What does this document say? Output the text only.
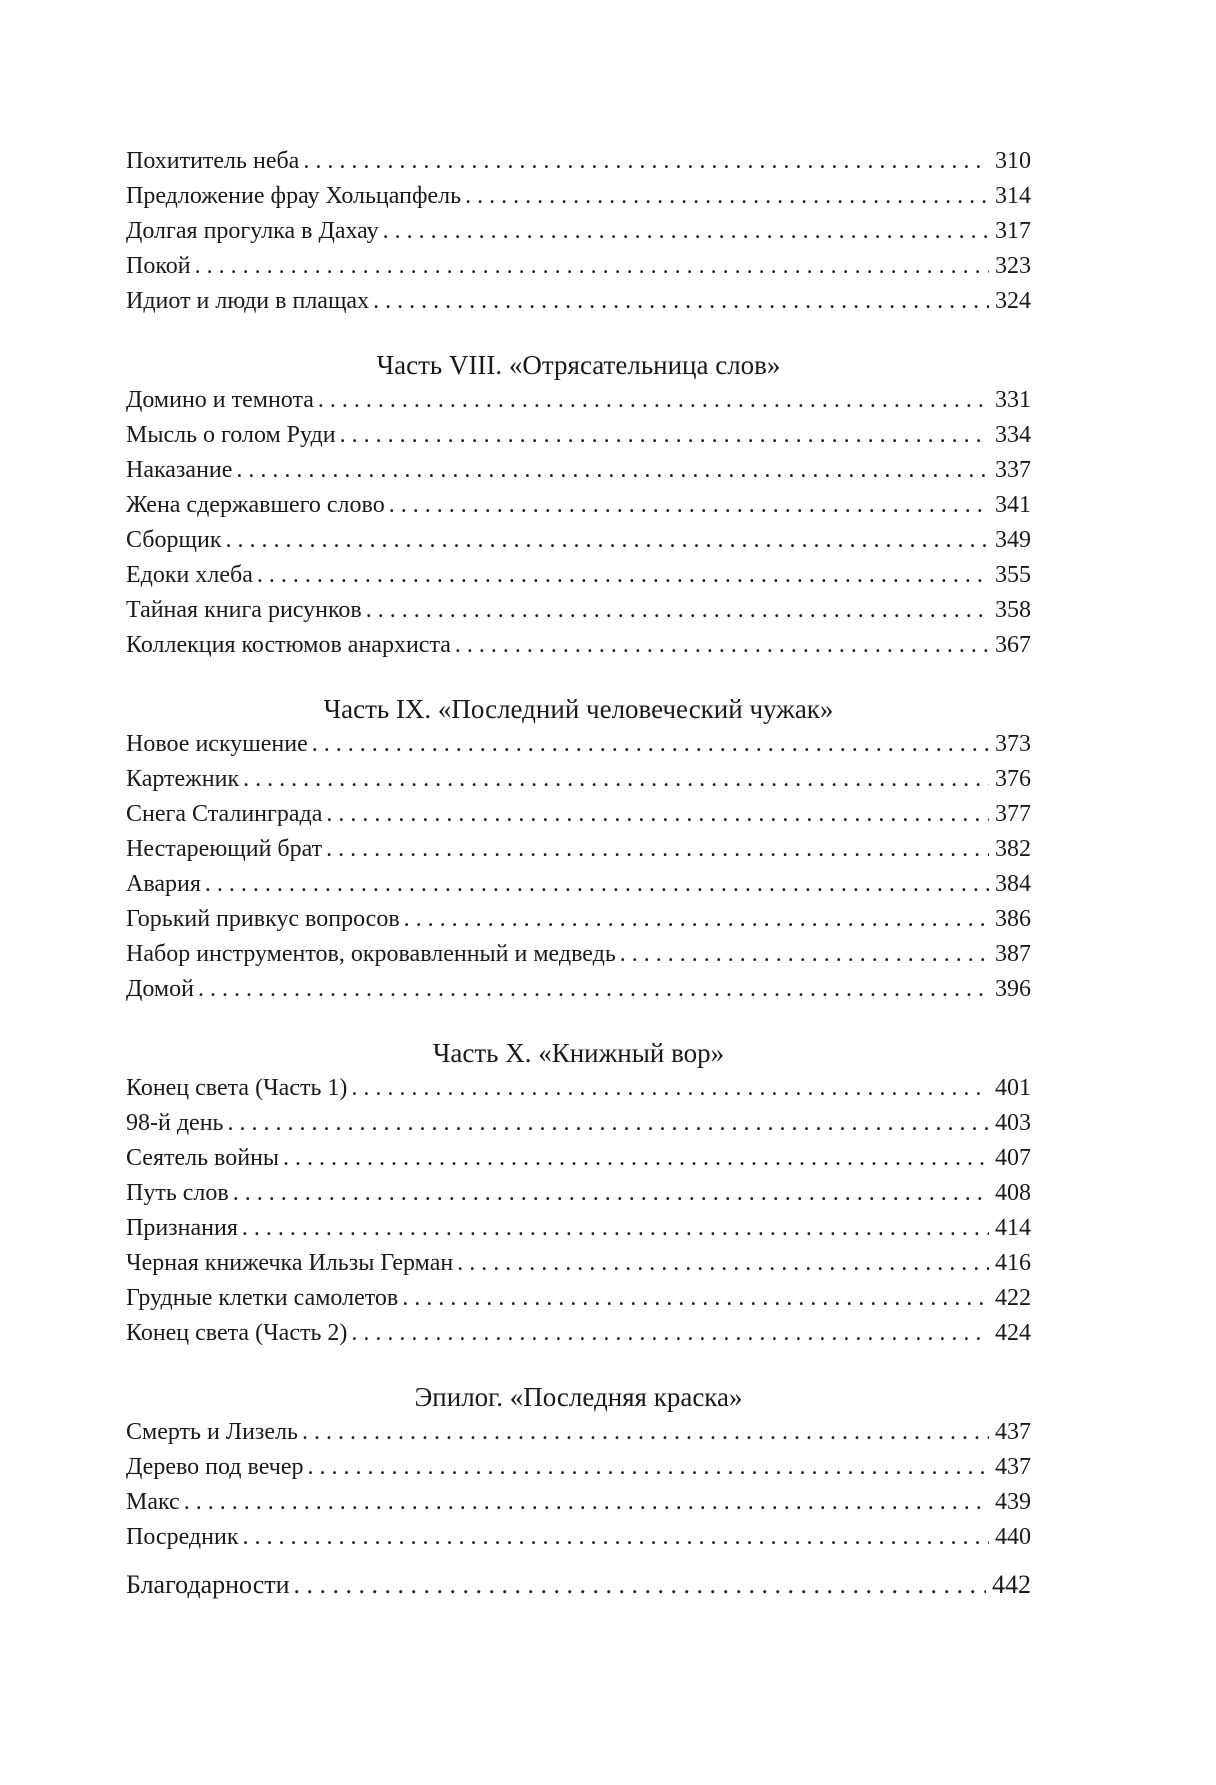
Похититель неба . . .	310
Предложение фрау Хольцапфель . . .	314
Долгая прогулка в Дахау . . .	317
Покой . . .	323
Идиот и люди в плащах . . .	324
Часть VIII. «Отрясательница слов»
Домино и темнота . . .	331
Мысль о голом Руди . . .	334
Наказание . . .	337
Жена сдержавшего слово . . .	341
Сборщик . . .	349
Едоки хлеба . . .	355
Тайная книга рисунков . . .	358
Коллекция костюмов анархиста . . .	367
Часть IX. «Последний человеческий чужак»
Новое искушение . . .	373
Картежник . . .	376
Снега Сталинграда . . .	377
Нестареющий брат . . .	382
Авария . . .	384
Горький привкус вопросов . . .	386
Набор инструментов, окровавленный и медведь . . .	387
Домой . . .	396
Часть X. «Книжный вор»
Конец света (Часть 1) . . .	401
98-й день . . .	403
Сеятель войны . . .	407
Путь слов . . .	408
Признания . . .	414
Черная книжечка Ильзы Герман . . .	416
Грудные клетки самолетов . . .	422
Конец света (Часть 2) . . .	424
Эпилог. «Последняя краска»
Смерть и Лизель . . .	437
Дерево под вечер . . .	437
Макс . . .	439
Посредник . . .	440
Благодарности . . .	442
